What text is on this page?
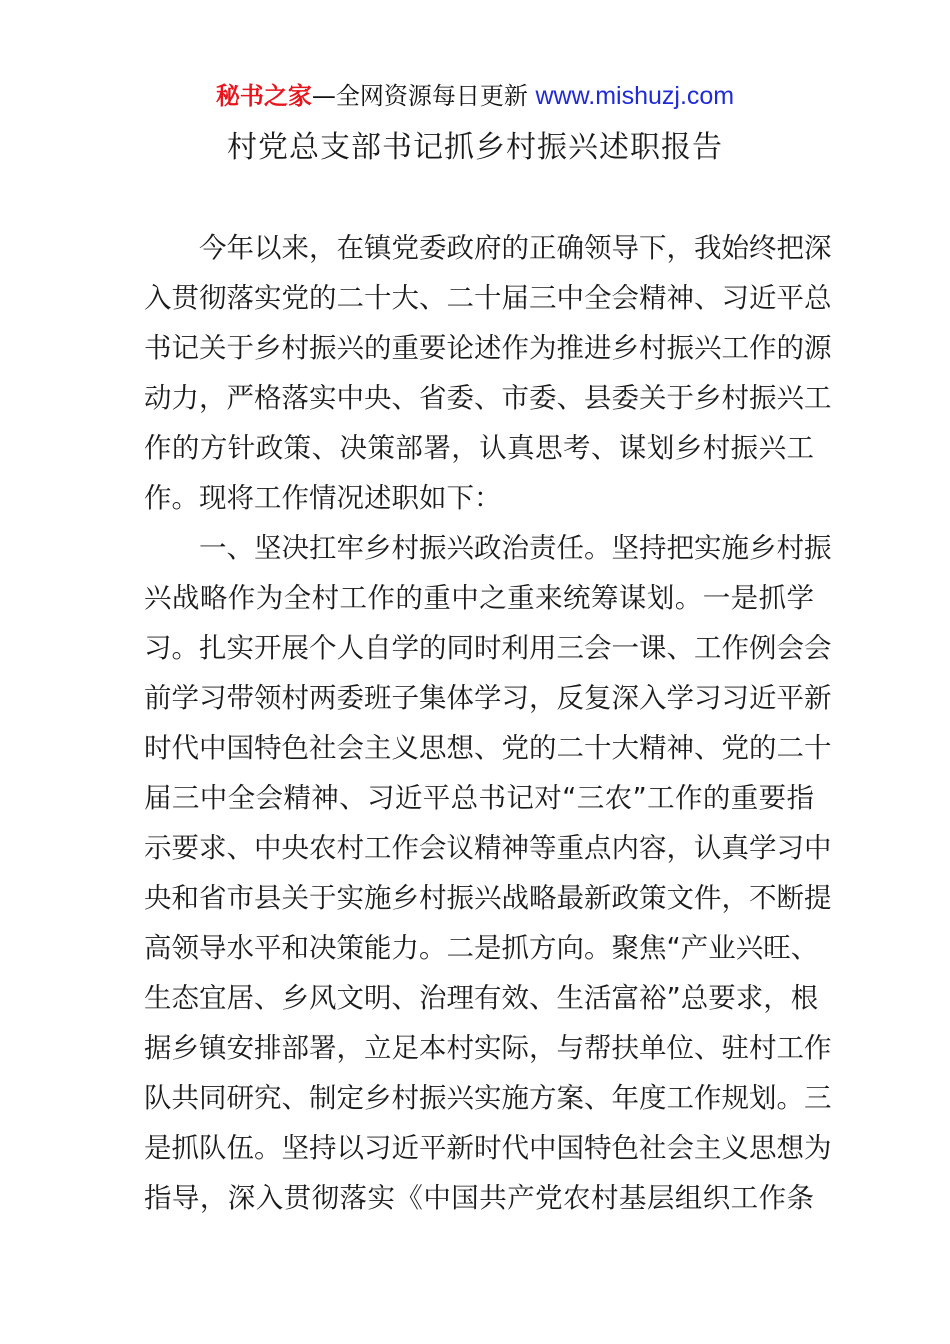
秘书之家—全网资源每日更新 www.mishuzj.com
村党总支部书记抓乡村振兴述职报告
今年以来，在镇党委政府的正确领导下，我始终把深
入贯彻落实党的二十大、二十届三中全会精神、习近平总
书记关于乡村振兴的重要论述作为推进乡村振兴工作的源
动力，严格落实中央、省委、市委、县委关于乡村振兴工
作的方针政策、决策部署，认真思考、谋划乡村振兴工
作。现将工作情况述职如下：
一、坚决扛牢乡村振兴政治责任。坚持把实施乡村振
兴战略作为全村工作的重中之重来统筹谋划。一是抓学
习。扎实开展个人自学的同时利用三会一课、工作例会会
前学习带领村两委班子集体学习，反复深入学习习近平新
时代中国特色社会主义思想、党的二十大精神、党的二十
届三中全会精神、习近平总书记对“三农”工作的重要指
示要求、中央农村工作会议精神等重点内容，认真学习中
央和省市县关于实施乡村振兴战略最新政策文件，不断提
高领导水平和决策能力。二是抓方向。聚焦“产业兴旺、
生态宜居、乡风文明、治理有效、生活富裕”总要求，根
据乡镇安排部署，立足本村实际，与帮扶单位、驻村工作
队共同研究、制定乡村振兴实施方案、年度工作规划。三
是抓队伍。坚持以习近平新时代中国特色社会主义思想为
指导，深入贯彻落实《中国共产党农村基层组织工作条
